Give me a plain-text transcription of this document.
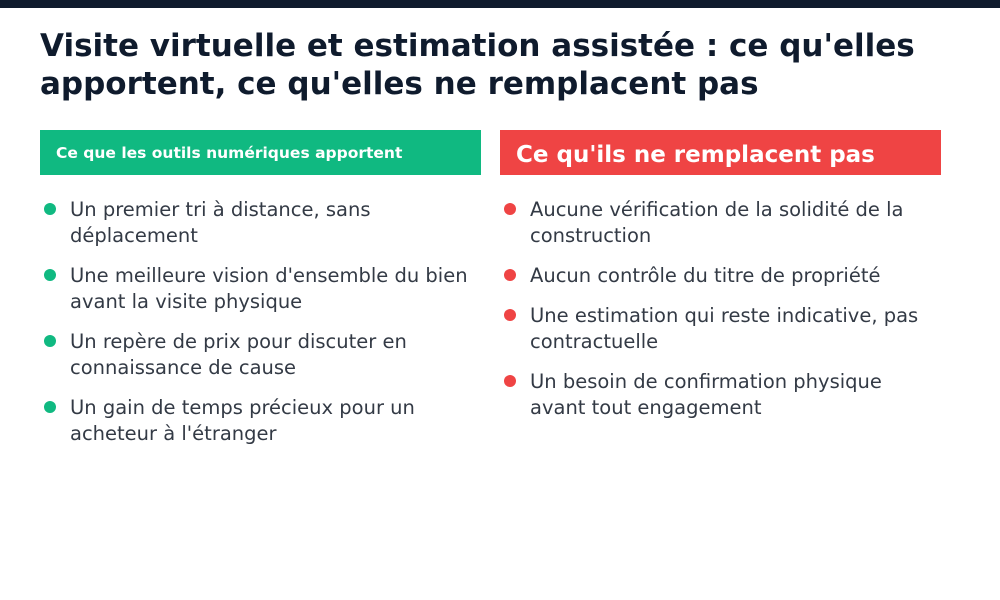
Visite virtuelle et estimation assistée : ce qu'elles apportent, ce qu'elles ne remplacent pas
Ce que les outils numériques apportent
Un premier tri à distance, sans déplacement
Une meilleure vision d'ensemble du bien avant la visite physique
Un repère de prix pour discuter en connaissance de cause
Un gain de temps précieux pour un acheteur à l'étranger
Ce qu'ils ne remplacent pas
Aucune vérification de la solidité de la construction
Aucun contrôle du titre de propriété
Une estimation qui reste indicative, pas contractuelle
Un besoin de confirmation physique avant tout engagement
